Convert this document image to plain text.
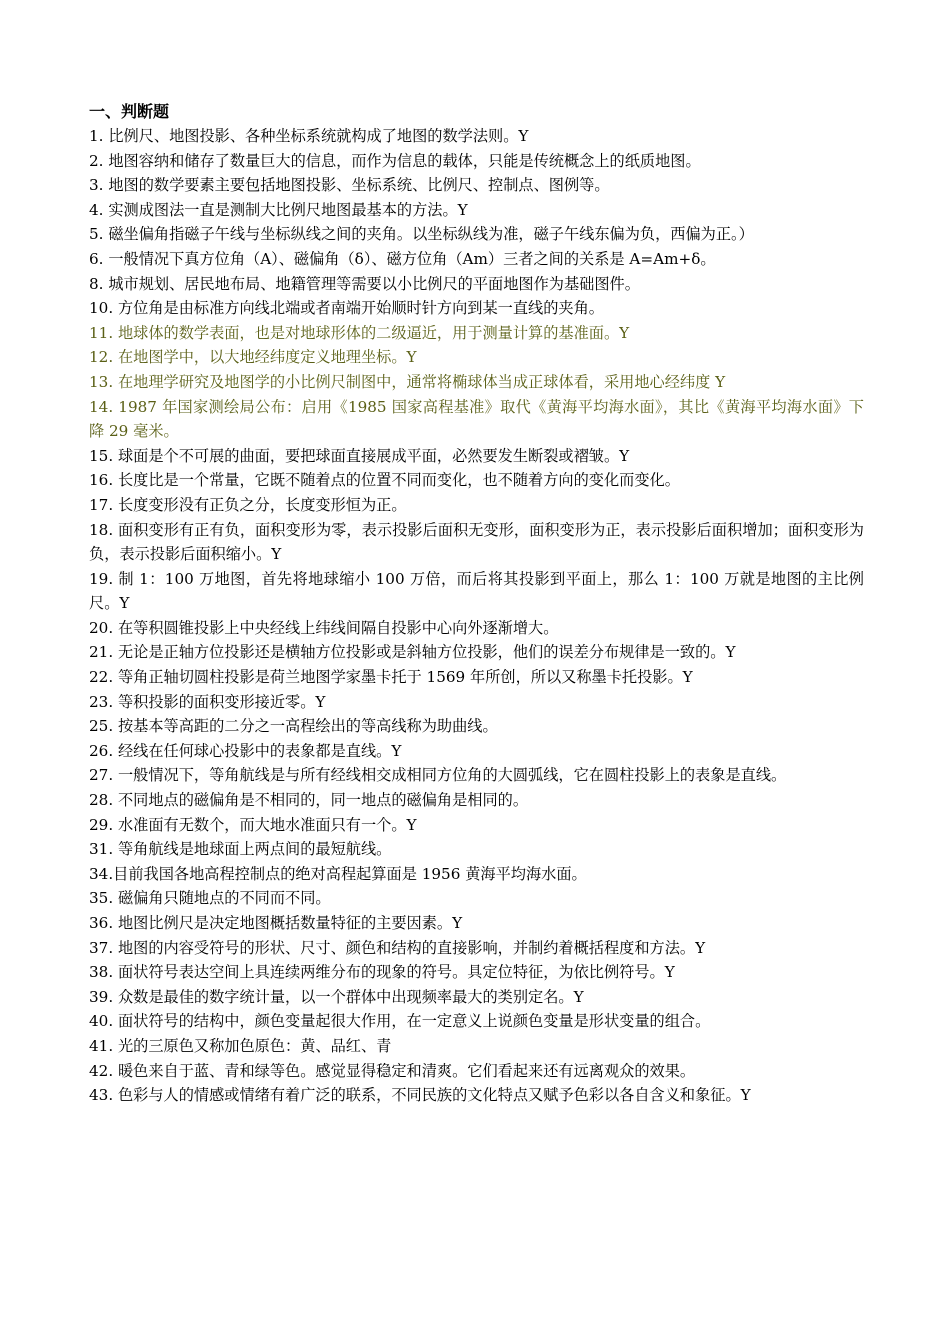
一、判断题
1. 比例尺、地图投影、各种坐标系统就构成了地图的数学法则。Y
2. 地图容纳和储存了数量巨大的信息，而作为信息的载体，只能是传统概念上的纸质地图。
3. 地图的数学要素主要包括地图投影、坐标系统、比例尺、控制点、图例等。
4. 实测成图法一直是测制大比例尺地图最基本的方法。Y
5. 磁坐偏角指磁子午线与坐标纵线之间的夹角。以坐标纵线为准，磁子午线东偏为负，西偏为正。）
6. 一般情况下真方位角（A）、磁偏角（δ）、磁方位角（Am）三者之间的关系是 A=Am+δ。
8. 城市规划、居民地布局、地籍管理等需要以小比例尺的平面地图作为基础图件。
10. 方位角是由标准方向线北端或者南端开始顺时针方向到某一直线的夹角。
11. 地球体的数学表面，也是对地球形体的二级逼近，用于测量计算的基准面。Y
12. 在地图学中，以大地经纬度定义地理坐标。Y
13. 在地理学研究及地图学的小比例尺制图中，通常将椭球体当成正球体看，采用地心经纬度 Y
14. 1987 年国家测绘局公布：启用《1985 国家高程基准》取代《黄海平均海水面》，其比《黄海平均海水面》下降 29 毫米。
15. 球面是个不可展的曲面，要把球面直接展成平面，必然要发生断裂或褶皱。Y
16. 长度比是一个常量，它既不随着点的位置不同而变化，也不随着方向的变化而变化。
17. 长度变形没有正负之分，长度变形恒为正。
18. 面积变形有正有负，面积变形为零，表示投影后面积无变形，面积变形为正，表示投影后面积增加；面积变形为负，表示投影后面积缩小。Y
19. 制 1：100 万地图，首先将地球缩小 100 万倍，而后将其投影到平面上，那么 1：100 万就是地图的主比例尺。Y
20. 在等积圆锥投影上中央经线上纬线间隔自投影中心向外逐渐增大。
21. 无论是正轴方位投影还是横轴方位投影或是斜轴方位投影，他们的误差分布规律是一致的。Y
22. 等角正轴切圆柱投影是荷兰地图学家墨卡托于 1569 年所创，所以又称墨卡托投影。Y
23. 等积投影的面积变形接近零。Y
25. 按基本等高距的二分之一高程绘出的等高线称为助曲线。
26. 经线在任何球心投影中的表象都是直线。Y
27. 一般情况下，等角航线是与所有经线相交成相同方位角的大圆弧线，它在圆柱投影上的表象是直线。
28. 不同地点的磁偏角是不相同的，同一地点的磁偏角是相同的。
29. 水准面有无数个，而大地水准面只有一个。Y
31. 等角航线是地球面上两点间的最短航线。
34.目前我国各地高程控制点的绝对高程起算面是 1956 黄海平均海水面。
35. 磁偏角只随地点的不同而不同。
36. 地图比例尺是决定地图概括数量特征的主要因素。Y
37. 地图的内容受符号的形状、尺寸、颜色和结构的直接影响，并制约着概括程度和方法。Y
38. 面状符号表达空间上具连续两维分布的现象的符号。具定位特征，为依比例符号。Y
39. 众数是最佳的数字统计量，以一个群体中出现频率最大的类别定名。Y
40. 面状符号的结构中，颜色变量起很大作用，在一定意义上说颜色变量是形状变量的组合。
41. 光的三原色又称加色原色：黄、品红、青
42. 暖色来自于蓝、青和绿等色。感觉显得稳定和清爽。它们看起来还有远离观众的效果。
43. 色彩与人的情感或情绪有着广泛的联系，不同民族的文化特点又赋予色彩以各自含义和象征。Y
